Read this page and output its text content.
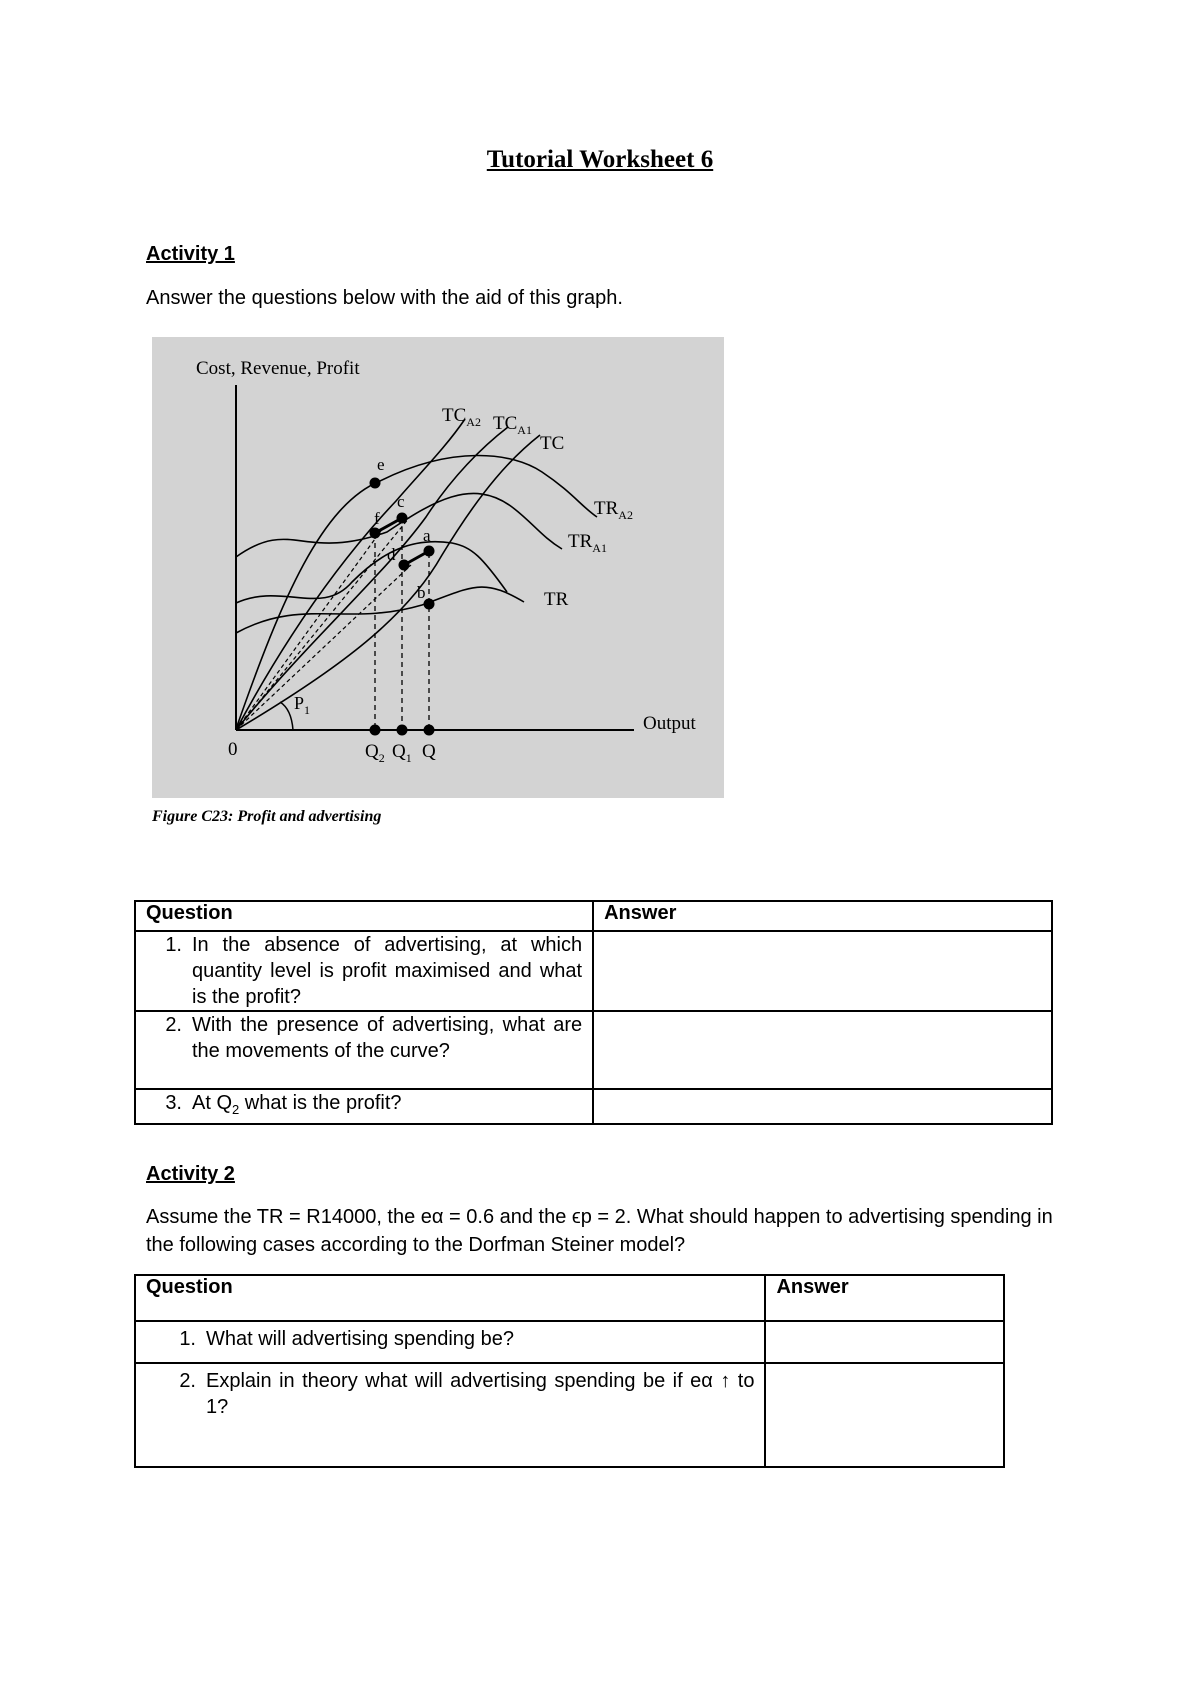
Tutorial Worksheet 6
Activity 1
Answer the questions below with the aid of this graph.
Cost, Revenue, Profit
Output
0
$P_1$
e
f
c
d
a
b
$TC_{A2}$ $TC_{A1}$
TC
$TR_{A2}$
$TR_{A1}$
TR
$Q_2$ $Q_1$ Q
Figure C23: Profit and advertising
Question	Answer

1. In the absence of advertising, at which quantity level is profit maximised and what is the profit?	

2. With the presence of advertising, what are the movements of the curve?	

3. At $Q_2$ what is the profit?	

Activity 2
Assume the TR = R14000, the eα = 0.6 and the ϵp = 2. What should happen to advertising spending in the following cases according to the Dorfman Steiner model?
Question	Answer

1. What will advertising spending be?	

2. Explain in theory what will advertising spending be if eα ↑ to 1?	
